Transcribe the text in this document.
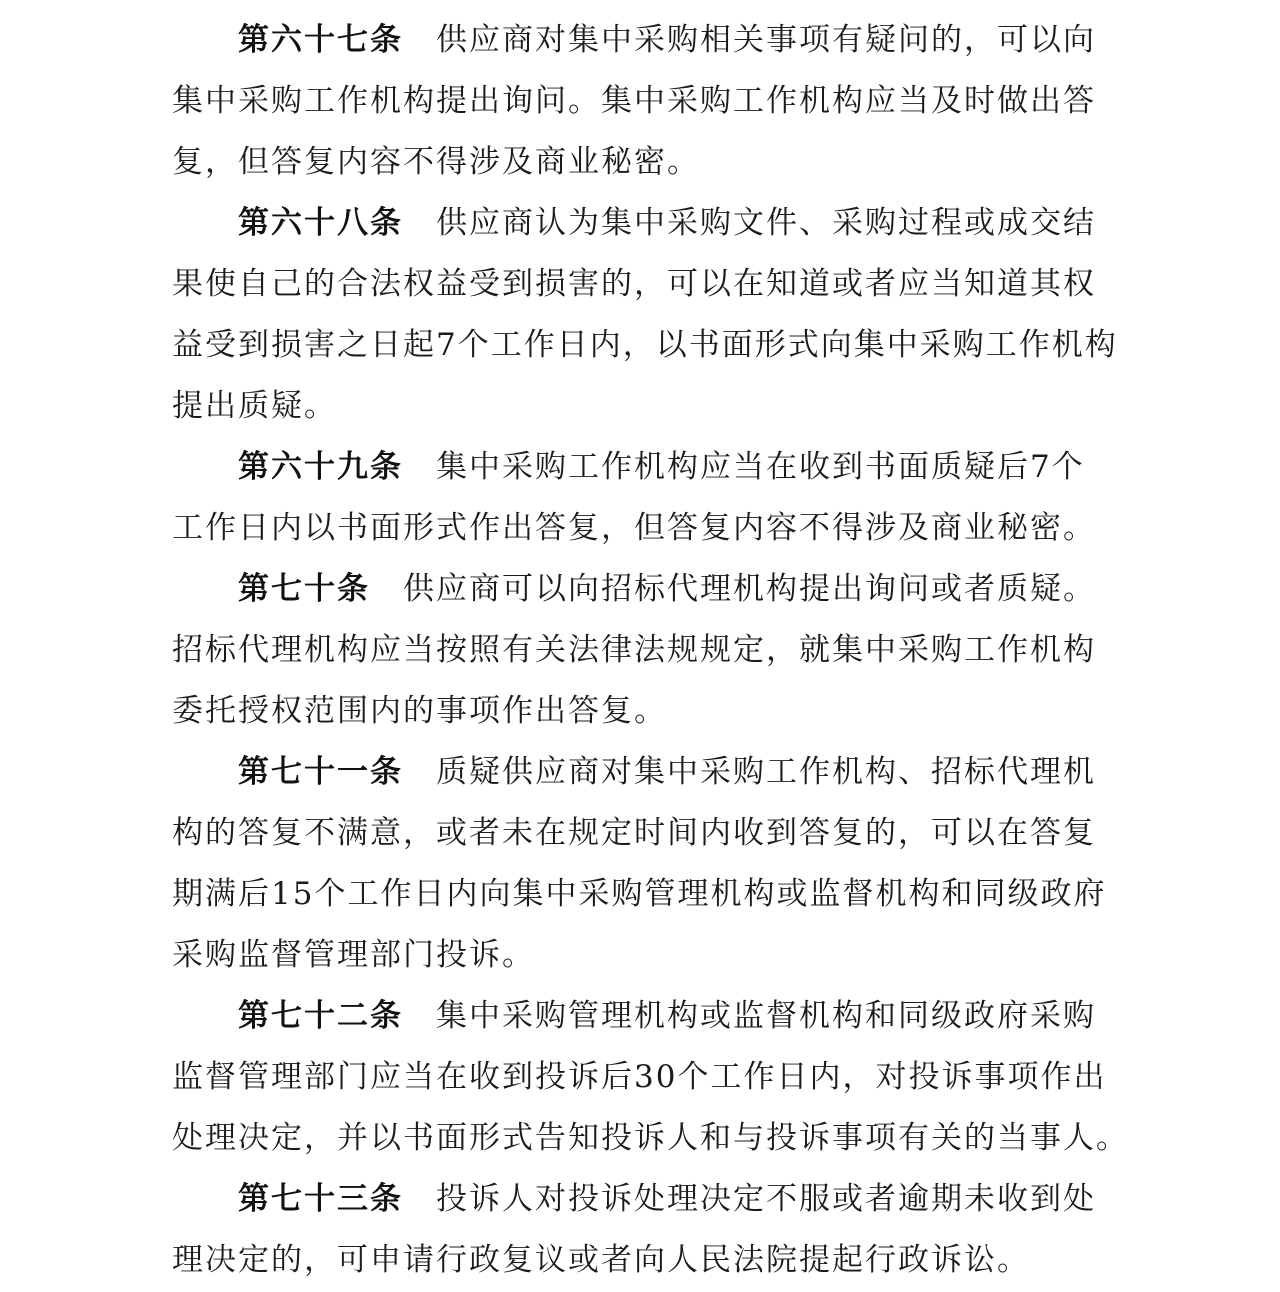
第六十七条 供应商对集中采购相关事项有疑问的，可以向
集中采购工作机构提出询问。集中采购工作机构应当及时做出答
复，但答复内容不得涉及商业秘密。
第六十八条 供应商认为集中采购文件、采购过程或成交结
果使自己的合法权益受到损害的，可以在知道或者应当知道其权
益受到损害之日起7个工作日内，以书面形式向集中采购工作机构
提出质疑。
第六十九条 集中采购工作机构应当在收到书面质疑后7个
工作日内以书面形式作出答复，但答复内容不得涉及商业秘密。
第七十条 供应商可以向招标代理机构提出询问或者质疑。
招标代理机构应当按照有关法律法规规定，就集中采购工作机构
委托授权范围内的事项作出答复。
第七十一条 质疑供应商对集中采购工作机构、招标代理机
构的答复不满意，或者未在规定时间内收到答复的，可以在答复
期满后15个工作日内向集中采购管理机构或监督机构和同级政府
采购监督管理部门投诉。
第七十二条 集中采购管理机构或监督机构和同级政府采购
监督管理部门应当在收到投诉后30个工作日内，对投诉事项作出
处理决定，并以书面形式告知投诉人和与投诉事项有关的当事人。
第七十三条 投诉人对投诉处理决定不服或者逾期未收到处
理决定的，可申请行政复议或者向人民法院提起行政诉讼。
